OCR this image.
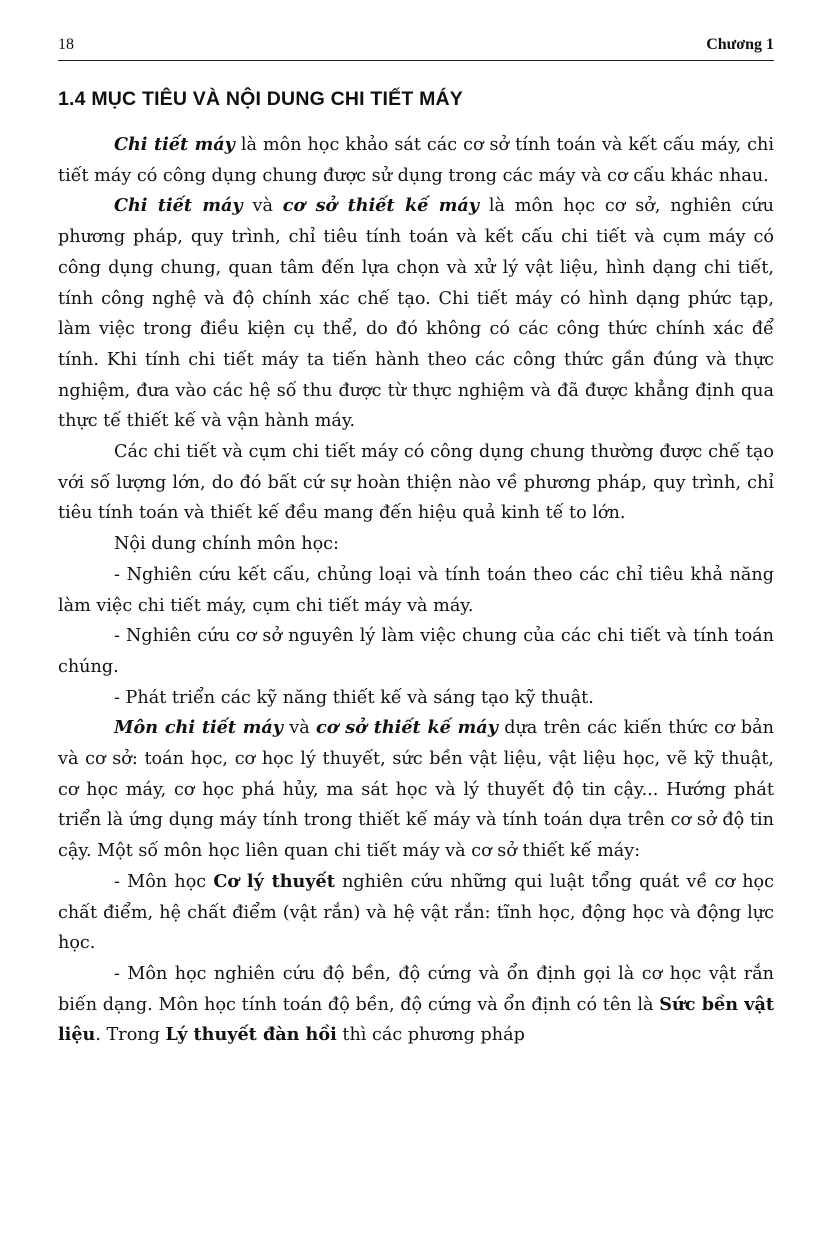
18	Chương 1
1.4 MỤC TIÊU VÀ NỘI DUNG CHI TIẾT MÁY

Chi tiết máy là môn học khảo sát các cơ sở tính toán và kết cấu máy, chi tiết máy có công dụng chung được sử dụng trong các máy và cơ cấu khác nhau.

Chi tiết máy và cơ sở thiết kế máy là môn học cơ sở, nghiên cứu phương pháp, quy trình, chỉ tiêu tính toán và kết cấu chi tiết và cụm máy có công dụng chung, quan tâm đến lựa chọn và xử lý vật liệu, hình dạng chi tiết, tính công nghệ và độ chính xác chế tạo. Chi tiết máy có hình dạng phức tạp, làm việc trong điều kiện cụ thể, do đó không có các công thức chính xác để tính. Khi tính chi tiết máy ta tiến hành theo các công thức gần đúng và thực nghiệm, đưa vào các hệ số thu được từ thực nghiệm và đã được khẳng định qua thực tế thiết kế và vận hành máy.

Các chi tiết và cụm chi tiết máy có công dụng chung thường được chế tạo với số lượng lớn, do đó bất cứ sự hoàn thiện nào về phương pháp, quy trình, chỉ tiêu tính toán và thiết kế đều mang đến hiệu quả kinh tế to lớn.

Nội dung chính môn học:

- Nghiên cứu kết cấu, chủng loại và tính toán theo các chỉ tiêu khả năng làm việc chi tiết máy, cụm chi tiết máy và máy.

- Nghiên cứu cơ sở nguyên lý làm việc chung của các chi tiết và tính toán chúng.

- Phát triển các kỹ năng thiết kế và sáng tạo kỹ thuật.

Môn chi tiết máy và cơ sở thiết kế máy dựa trên các kiến thức cơ bản và cơ sở: toán học, cơ học lý thuyết, sức bền vật liệu, vật liệu học, vẽ kỹ thuật, cơ học máy, cơ học phá hủy, ma sát học và lý thuyết độ tin cậy... Hướng phát triển là ứng dụng máy tính trong thiết kế máy và tính toán dựa trên cơ sở độ tin cậy. Một số môn học liên quan chi tiết máy và cơ sở thiết kế máy:

- Môn học Cơ lý thuyết nghiên cứu những qui luật tổng quát về cơ học chất điểm, hệ chất điểm (vật rắn) và hệ vật rắn: tĩnh học, động học và động lực học.

- Môn học nghiên cứu độ bền, độ cứng và ổn định gọi là cơ học vật rắn biến dạng. Môn học tính toán độ bền, độ cứng và ổn định có tên là Sức bền vật liệu. Trong Lý thuyết đàn hồi thì các phương pháp
